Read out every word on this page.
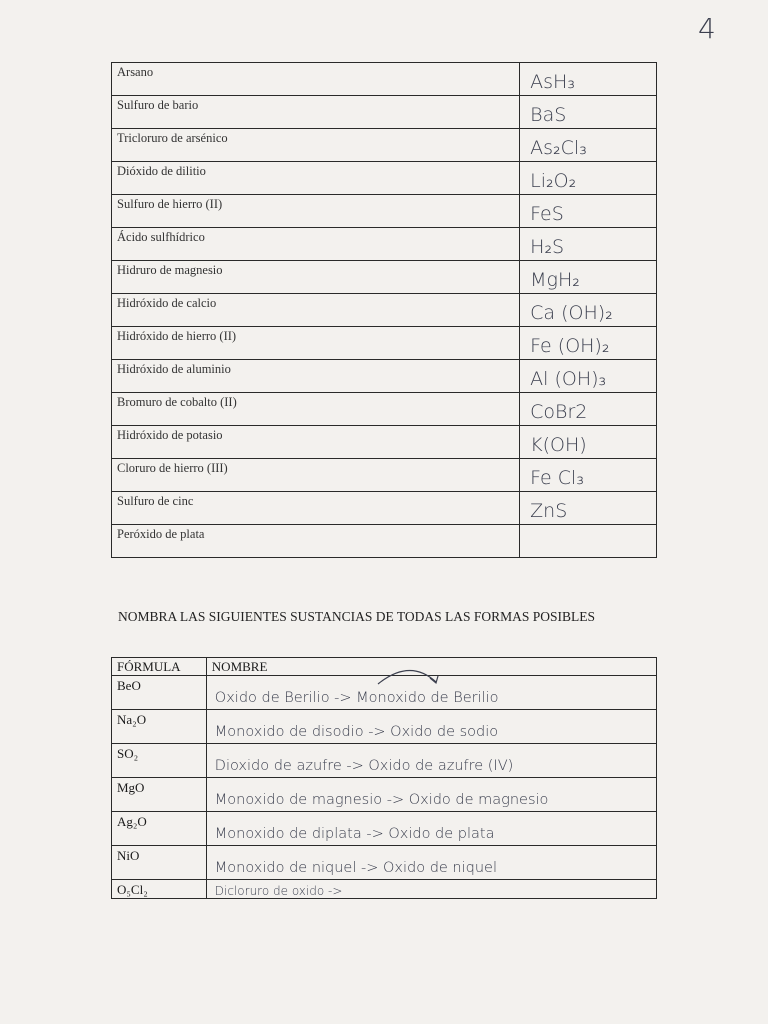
4
Arsano	AsH₃
Sulfuro de bario	BaS
Tricloruro de arsénico	As₂Cl₃
Dióxido de dilitio	Li₂O₂
Sulfuro de hierro (II)	FeS
Ácido sulfhídrico	H₂S
Hidruro de magnesio	MgH₂
Hidróxido de calcio	Ca (OH)₂
Hidróxido de hierro (II)	Fe (OH)₂
Hidróxido de aluminio	Al (OH)₃
Bromuro de cobalto (II)	CoBr2
Hidróxido de potasio	K(OH)
Cloruro de hierro (III)	Fe Cl₃
Sulfuro de cinc	ZnS
Peróxido de plata	
NOMBRA LAS SIGUIENTES SUSTANCIAS DE TODAS LAS FORMAS POSIBLES
FÓRMULA	NOMBRE
BeO	Oxido de Berilio -> Monoxido de Berilio
Na₂O	Monoxido de disodio -> Oxido de sodio
SO₂	Dioxido de azufre -> Oxido de azufre (IV)
MgO	Monoxido de magnesio -> Oxido de magnesio
Ag₂O	Monoxido de diplata -> Oxido de plata
NiO	Monoxido de niquel -> Oxido de niquel
O₅Cl₂	Dicloruro de oxido ->
